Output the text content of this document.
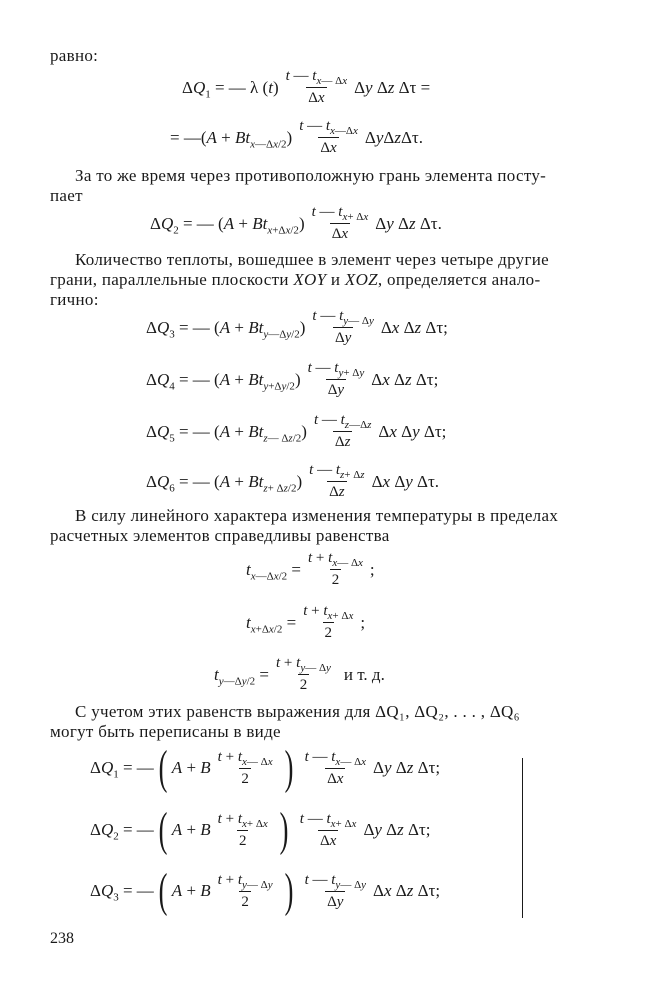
равно:
$\Delta Q_1$ = — λ $(t) \frac{t — t_{x— \Delta x}}{\Delta x}$ Δy Δz Δτ =
= —(A + $Bt_{x—\Delta x/2}) \frac{t — t_{x—\Delta x}}{\Delta x} \Delta y\Delta z\Delta\tau$.
За то же время через противоположную грань элемента посту-
пает
$\Delta Q_2$ = — $(A + Bt_{x+\Delta x/2}) \frac{t — t_{x+ \Delta x}}{\Delta x}$ Δy Δz Δτ.
Количество теплоты, вошедшее в элемент через четыре другие
грани, параллельные плоскости XOY и XOZ, определяется анало-
гично:
$\Delta Q_3$ = — $(A + Bt_{y—\Delta y/2}) \frac{t — t_{y— \Delta y}}{\Delta y}$ Δx Δz Δτ;
$\Delta Q_4$ = — $(A + Bt_{y+\Delta y/2}) \frac{t — t_{y+ \Delta y}}{\Delta y}$ Δx Δz Δτ;
$\Delta Q_5$ = — $(A + Bt_{z— \Delta z/2}) \frac{t — t_{z—\Delta z}}{\Delta z}$ Δx Δy Δτ;
$\Delta Q_6$ = — $(A + Bt_{z+ \Delta z/2}) \frac{t — t_{z+ \Delta z}}{\Delta z}$ Δx Δy Δτ.
В силу линейного характера изменения температуры в пределах
расчетных элементов справедливы равенства
$t_{x—\Delta x/2} = \frac{t + t_{x— \Delta x}}{2}$ ;
$t_{x+\Delta x/2} = \frac{t + t_{x+ \Delta x}}{2}$ ;
$t_{y—\Delta y/2} = \frac{t + t_{y— \Delta y}}{2}$ и т. д.
С учетом этих равенств выражения для ΔQ₁, ΔQ₂, . . . , ΔQ₆
могут быть переписаны в виде
$\Delta Q_1$ = — ( A + B $\frac{t + t_{x— \Delta x}}{2}$ ) $\frac{t — t_{x— \Delta x}}{\Delta x}$ Δy Δz Δτ;
$\Delta Q_2$ = — ( A + B $\frac{t + t_{x+ \Delta x}}{2}$ ) $\frac{t — t_{x+ \Delta x}}{\Delta x}$ Δy Δz Δτ;
$\Delta Q_3$ = — ( A + B $\frac{t + t_{y— \Delta y}}{2}$ ) $\frac{t — t_{y— \Delta y}}{\Delta y}$ Δx Δz Δτ;
238
